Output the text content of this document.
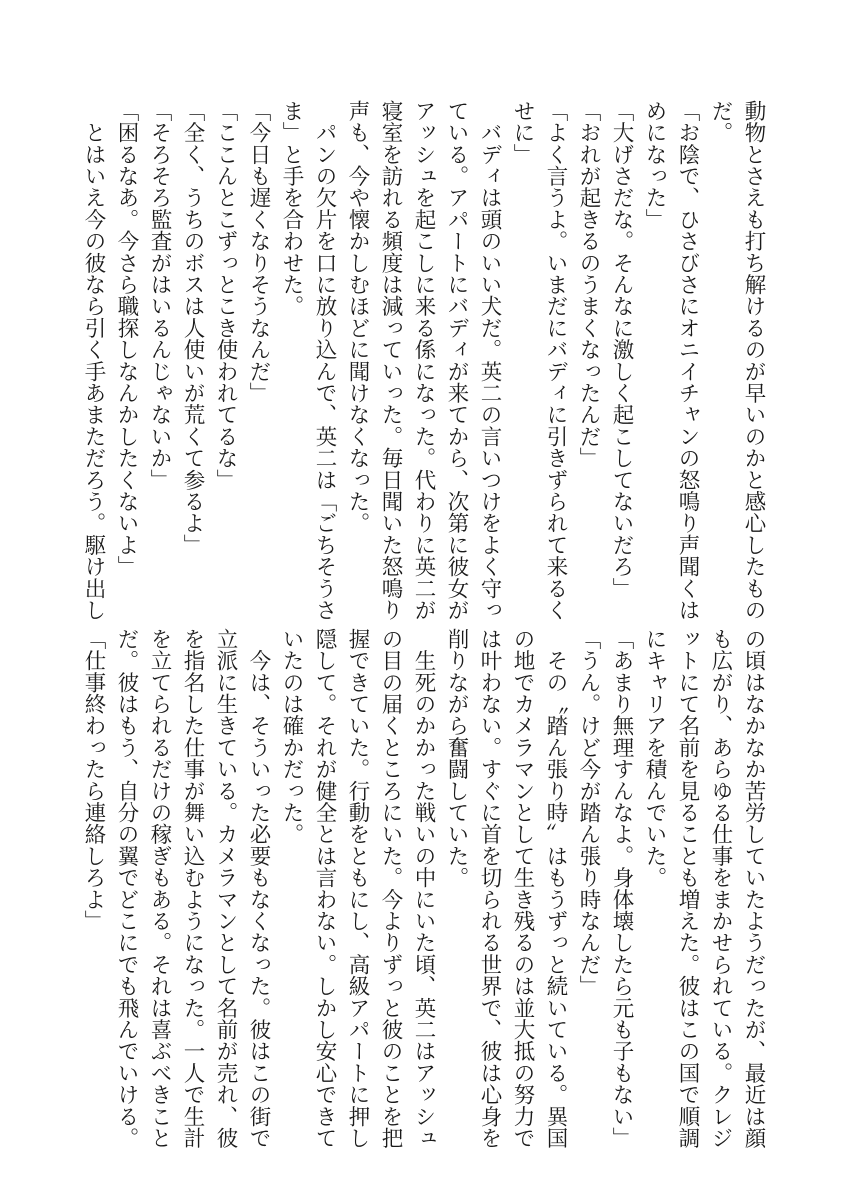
動物とさえも打ち解けるのが早いのかと感心したもの

だ。

「お陰で、ひさびさにオニイチャンの怒鳴り声聞くは

めになった」

「大げさだな。そんなに激しく起こしてないだろ」

「おれが起きるのうまくなったんだ」

「よく言うよ。いまだにバディに引きずられて来るく

せに」

　バディは頭のいい犬だ。英二の言いつけをよく守っ

ている。アパートにバディが来てから、次第に彼女が

アッシュを起こしに来る係になった。代わりに英二が

寝室を訪れる頻度は減っていった。毎日聞いた怒鳴り

声も、今や懐かしむほどに聞けなくなった。

　パンの欠片を口に放り込んで、英二は「ごちそうさ

ま」と手を合わせた。

「今日も遅くなりそうなんだ」

「ここんとこずっとこき使われてるな」

「全く、うちのボスは人使いが荒くて参るよ」

「そろそろ監査がはいるんじゃないか」

「困るなあ。今さら職探しなんかしたくないよ」

　とはいえ今の彼なら引く手あまただろう。駆け出し

の頃はなかなか苦労していたようだったが、最近は顔

も広がり、あらゆる仕事をまかせられている。クレジ

ットにて名前を見ることも増えた。彼はこの国で順調

にキャリアを積んでいた。

「あまり無理すんなよ。身体壊したら元も子もない」

「うん。けど今が踏ん張り時なんだ」

　その〝踏ん張り時〟はもうずっと続いている。異国

の地でカメラマンとして生き残るのは並大抵の努力で

は叶わない。すぐに首を切られる世界で、彼は心身を

削りながら奮闘していた。

　生死のかかった戦いの中にいた頃、英二はアッシュ

の目の届くところにいた。今よりずっと彼のことを把

握できていた。行動をともにし、高級アパートに押し

隠して。それが健全とは言わない。しかし安心できて

いたのは確かだった。

　今は、そういった必要もなくなった。彼はこの街で

立派に生きている。カメラマンとして名前が売れ、彼

を指名した仕事が舞い込むようになった。一人で生計

を立てられるだけの稼ぎもある。それは喜ぶべきこと

だ。彼はもう、自分の翼でどこにでも飛んでいける。

「仕事終わったら連絡しろよ」
